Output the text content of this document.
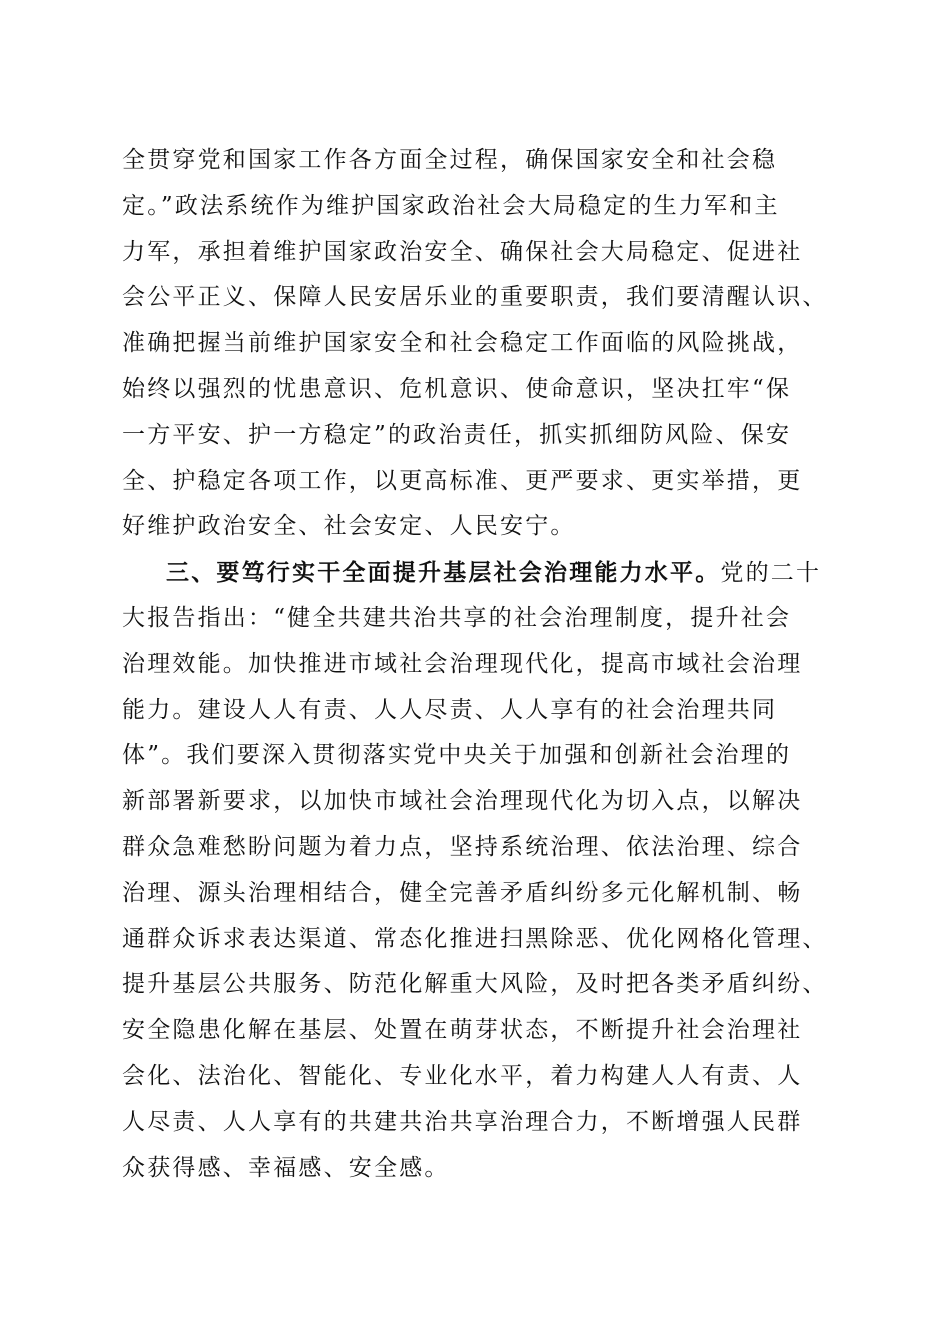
全贯穿党和国家工作各方面全过程，确保国家安全和社会稳
定。”政法系统作为维护国家政治社会大局稳定的生力军和主
力军，承担着维护国家政治安全、确保社会大局稳定、促进社
会公平正义、保障人民安居乐业的重要职责，我们要清醒认识、
准确把握当前维护国家安全和社会稳定工作面临的风险挑战，
始终以强烈的忧患意识、危机意识、使命意识，坚决扛牢“保
一方平安、护一方稳定”的政治责任，抓实抓细防风险、保安
全、护稳定各项工作，以更高标准、更严要求、更实举措，更
好维护政治安全、社会安定、人民安宁。
三、要笃行实干全面提升基层社会治理能力水平。党的二十
大报告指出：“健全共建共治共享的社会治理制度，提升社会
治理效能。加快推进市域社会治理现代化，提高市域社会治理
能力。建设人人有责、人人尽责、人人享有的社会治理共同
体”。我们要深入贯彻落实党中央关于加强和创新社会治理的
新部署新要求，以加快市域社会治理现代化为切入点，以解决
群众急难愁盼问题为着力点，坚持系统治理、依法治理、综合
治理、源头治理相结合，健全完善矛盾纠纷多元化解机制、畅
通群众诉求表达渠道、常态化推进扫黑除恶、优化网格化管理、
提升基层公共服务、防范化解重大风险，及时把各类矛盾纠纷、
安全隐患化解在基层、处置在萌芽状态，不断提升社会治理社
会化、法治化、智能化、专业化水平，着力构建人人有责、人
人尽责、人人享有的共建共治共享治理合力，不断增强人民群
众获得感、幸福感、安全感。
